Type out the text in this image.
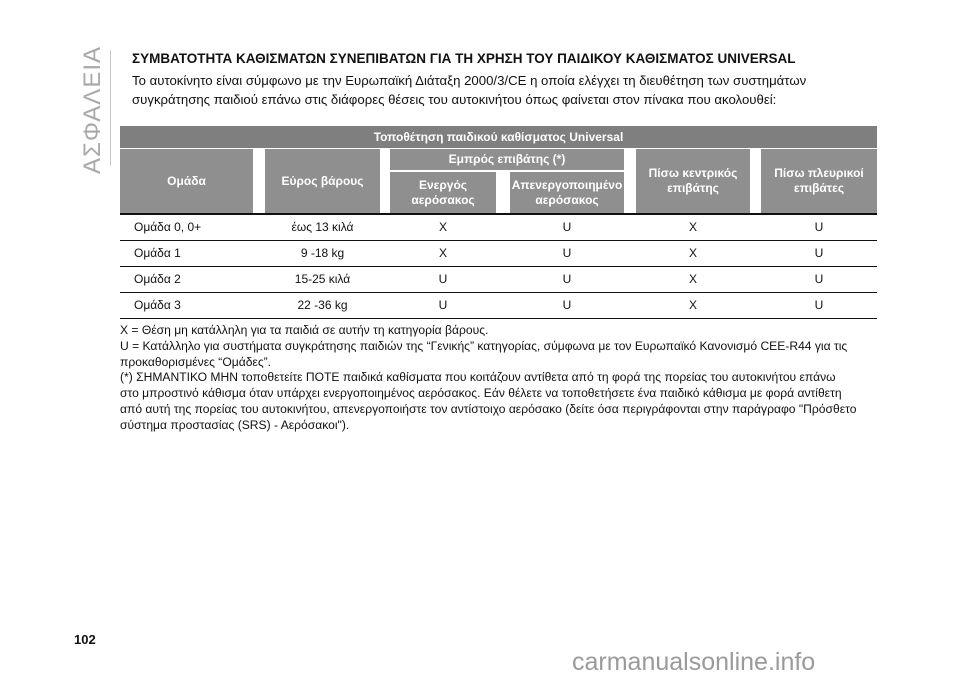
ΑΣΦΑΛΕΙΑ ΣΥΜΒΑΤΟΤΗΤΑ ΚΑΘΙΣΜΑΤΩΝ ΣΥΝΕΠΙΒΑΤΩΝ ΓΙΑ ΤΗ ΧΡΗΣΗ ΤΟΥ ΠΑΙΔΙΚΟΥ ΚΑΘΙΣΜΑΤΟΣ UNIVERSAL
Το αυτοκίνητο είναι σύμφωνο με την Ευρωπαϊκή Διάταξη 2000/3/CE η οποία ελέγχει τη διευθέτηση των συστημάτων
συγκράτησης παιδιού επάνω στις διάφορες θέσεις του αυτοκινήτου όπως φαίνεται στον πίνακα που ακολουθεί:
Τοποθέτηση παιδικού καθίσματος Universal
Ομάδα	Εύρος βάρους
Εμπρός επιβάτης (*)
Ενεργός αερόσακος
Απενεργοποιημένο αερόσακος
Πίσω κεντρικός επιβάτης
Πίσω πλευρικοί επιβάτες
Ομάδα 0, 0+	έως 13 κιλά	X	U	X	U
Ομάδα 1	9 -18 kg	X	U	X	U
Ομάδα 2	15-25 κιλά	U	U	X	U
Ομάδα 3	22 -36 kg	U	U	X	U
X = Θέση μη κατάλληλη για τα παιδιά σε αυτήν τη κατηγορία βάρους.
U = Κατάλληλο για συστήματα συγκράτησης παιδιών της “Γενικής” κατηγορίας, σύμφωνα με τον Ευρωπαϊκό Κανονισμό CEE-R44 για τις
προκαθορισμένες “Ομάδες”.
(*) ΣΗΜΑΝΤΙΚΟ ΜΗΝ τοποθετείτε ΠΟΤΕ παιδικά καθίσματα που κοιτάζουν αντίθετα από τη φορά της πορείας του αυτοκινήτου επάνω
στο μπροστινό κάθισμα όταν υπάρχει ενεργοποιημένος αερόσακος. Εάν θέλετε να τοποθετήσετε ένα παιδικό κάθισμα με φορά αντίθετη
από αυτή της πορείας του αυτοκινήτου, απενεργοποιήστε τον αντίστοιχο αερόσακο (δείτε όσα περιγράφονται στην παράγραφο "Πρόσθετο
σύστημα προστασίας (SRS) - Αερόσακοι").
102
carmanualsonline.info
